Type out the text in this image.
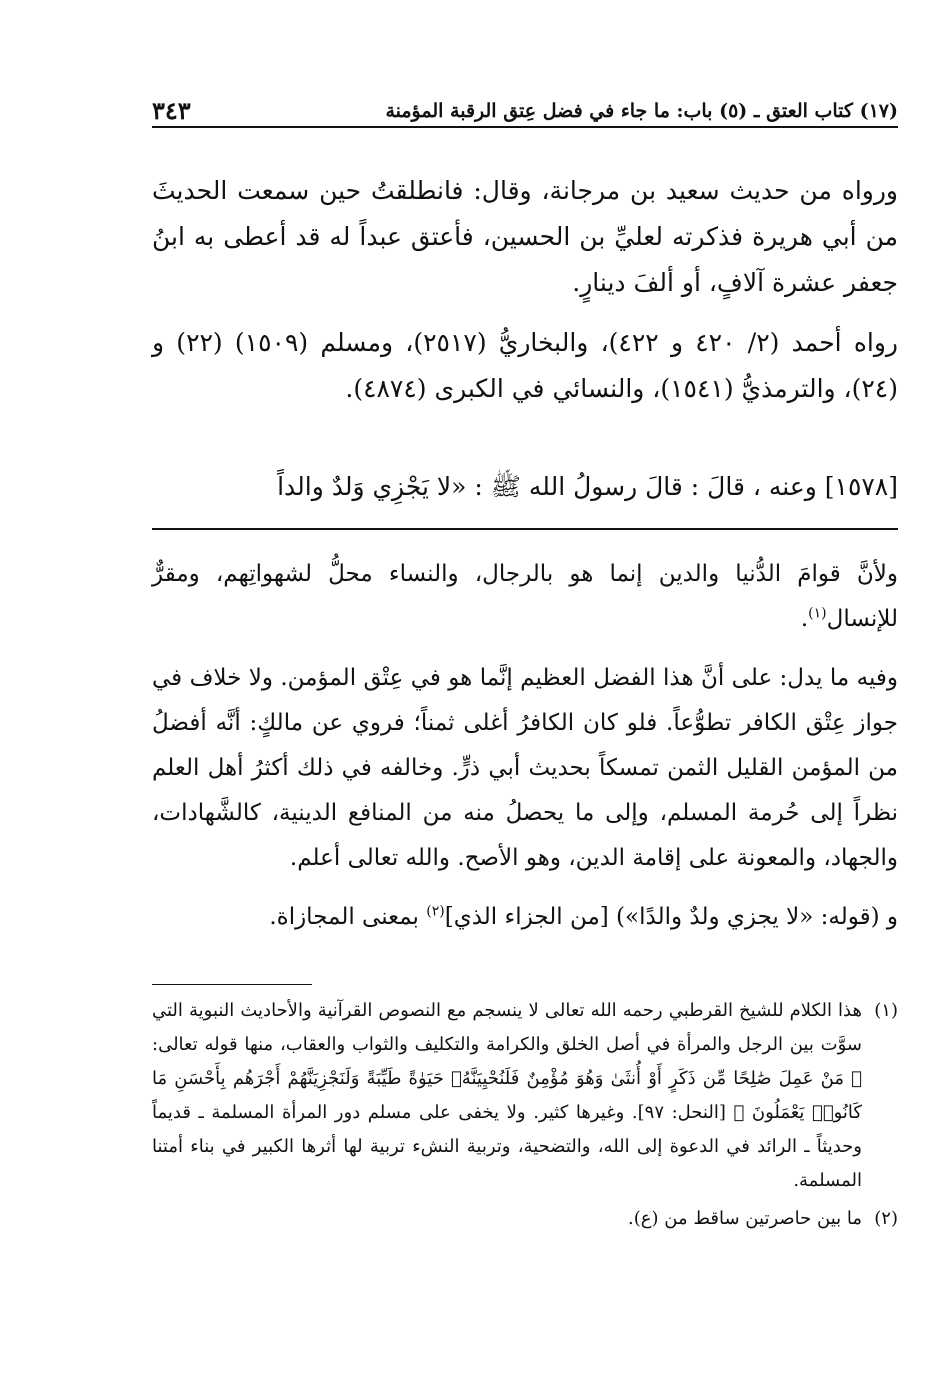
(١٧) كتاب العتق ـ (٥) باب: ما جاء في فضل عِتق الرقبة المؤمنة
٣٤٣

ورواه من حديث سعيد بن مرجانة، وقال: فانطلقتُ حين سمعت الحديثَ من أبي هريرة فذكرته لعليِّ بن الحسين، فأعتق عبداً له قد أعطى به ابنُ جعفر عشرة آلافٍ، أو ألفَ دينارٍ.

رواه أحمد (٢/ ٤٢٠ و ٤٢٢)، والبخاريُّ (٢٥١٧)، ومسلم (١٥٠٩) (٢٢) و (٢٤)، والترمذيُّ (١٥٤١)، والنسائي في الكبرى (٤٨٧٤).

[١٥٧٨] وعنه ، قالَ : قالَ رسولُ الله ﷺ : «لا يَجْزِي وَلدٌ والداً

ولأنَّ قوامَ الدُّنيا والدين إنما هو بالرجال، والنساء محلُّ لشهواتِهم، ومقرٌّ للإنسال$^{(١)}$.

وفيه ما يدل: على أنَّ هذا الفضل العظيم إنَّما هو في عِتْق المؤمن. ولا خلاف في جواز عِتْق الكافر تطوُّعاً. فلو كان الكافرُ أغلى ثمناً؛ فروي عن مالكٍ: أنَّه أفضلُ من المؤمن القليل الثمن تمسكاً بحديث أبي ذرٍّ. وخالفه في ذلك أكثرُ أهل العلم نظراً إلى حُرمة المسلم، وإلى ما يحصلُ منه من المنافع الدينية، كالشَّهادات، والجهاد، والمعونة على إقامة الدين، وهو الأصح. والله تعالى أعلم.

و (قوله: «لا يجزي ولدٌ والدًا») [من الجزاء الذي]$^{(٢)}$ بمعنى المجازاة.

(١)
هذا الكلام للشيخ القرطبي رحمه الله تعالى لا ينسجم مع النصوص القرآنية والأحاديث النبوية التي سوَّت بين الرجل والمرأة في أصل الخلق والكرامة والتكليف والثواب والعقاب، منها قوله تعالى: ﴿ مَنْ عَمِلَ صَٰلِحًا مِّن ذَكَرٍ أَوْ أُنثَىٰ وَهُوَ مُؤْمِنٌ فَلَنُحْيِيَنَّهُۥ حَيَوٰةً طَيِّبَةً وَلَنَجْزِيَنَّهُمْ أَجْرَهُم بِأَحْسَنِ مَا كَانُوا۟ يَعْمَلُونَ ﴾ [النحل: ٩٧]. وغيرها كثير. ولا يخفى على مسلم دور المرأة المسلمة ـ قديماً وحديثاً ـ الرائد في الدعوة إلى الله، والتضحية، وتربية النشء تربية لها أثرها الكبير في بناء أمتنا المسلمة.

(٢)
ما بين حاصرتين ساقط من (ع).
